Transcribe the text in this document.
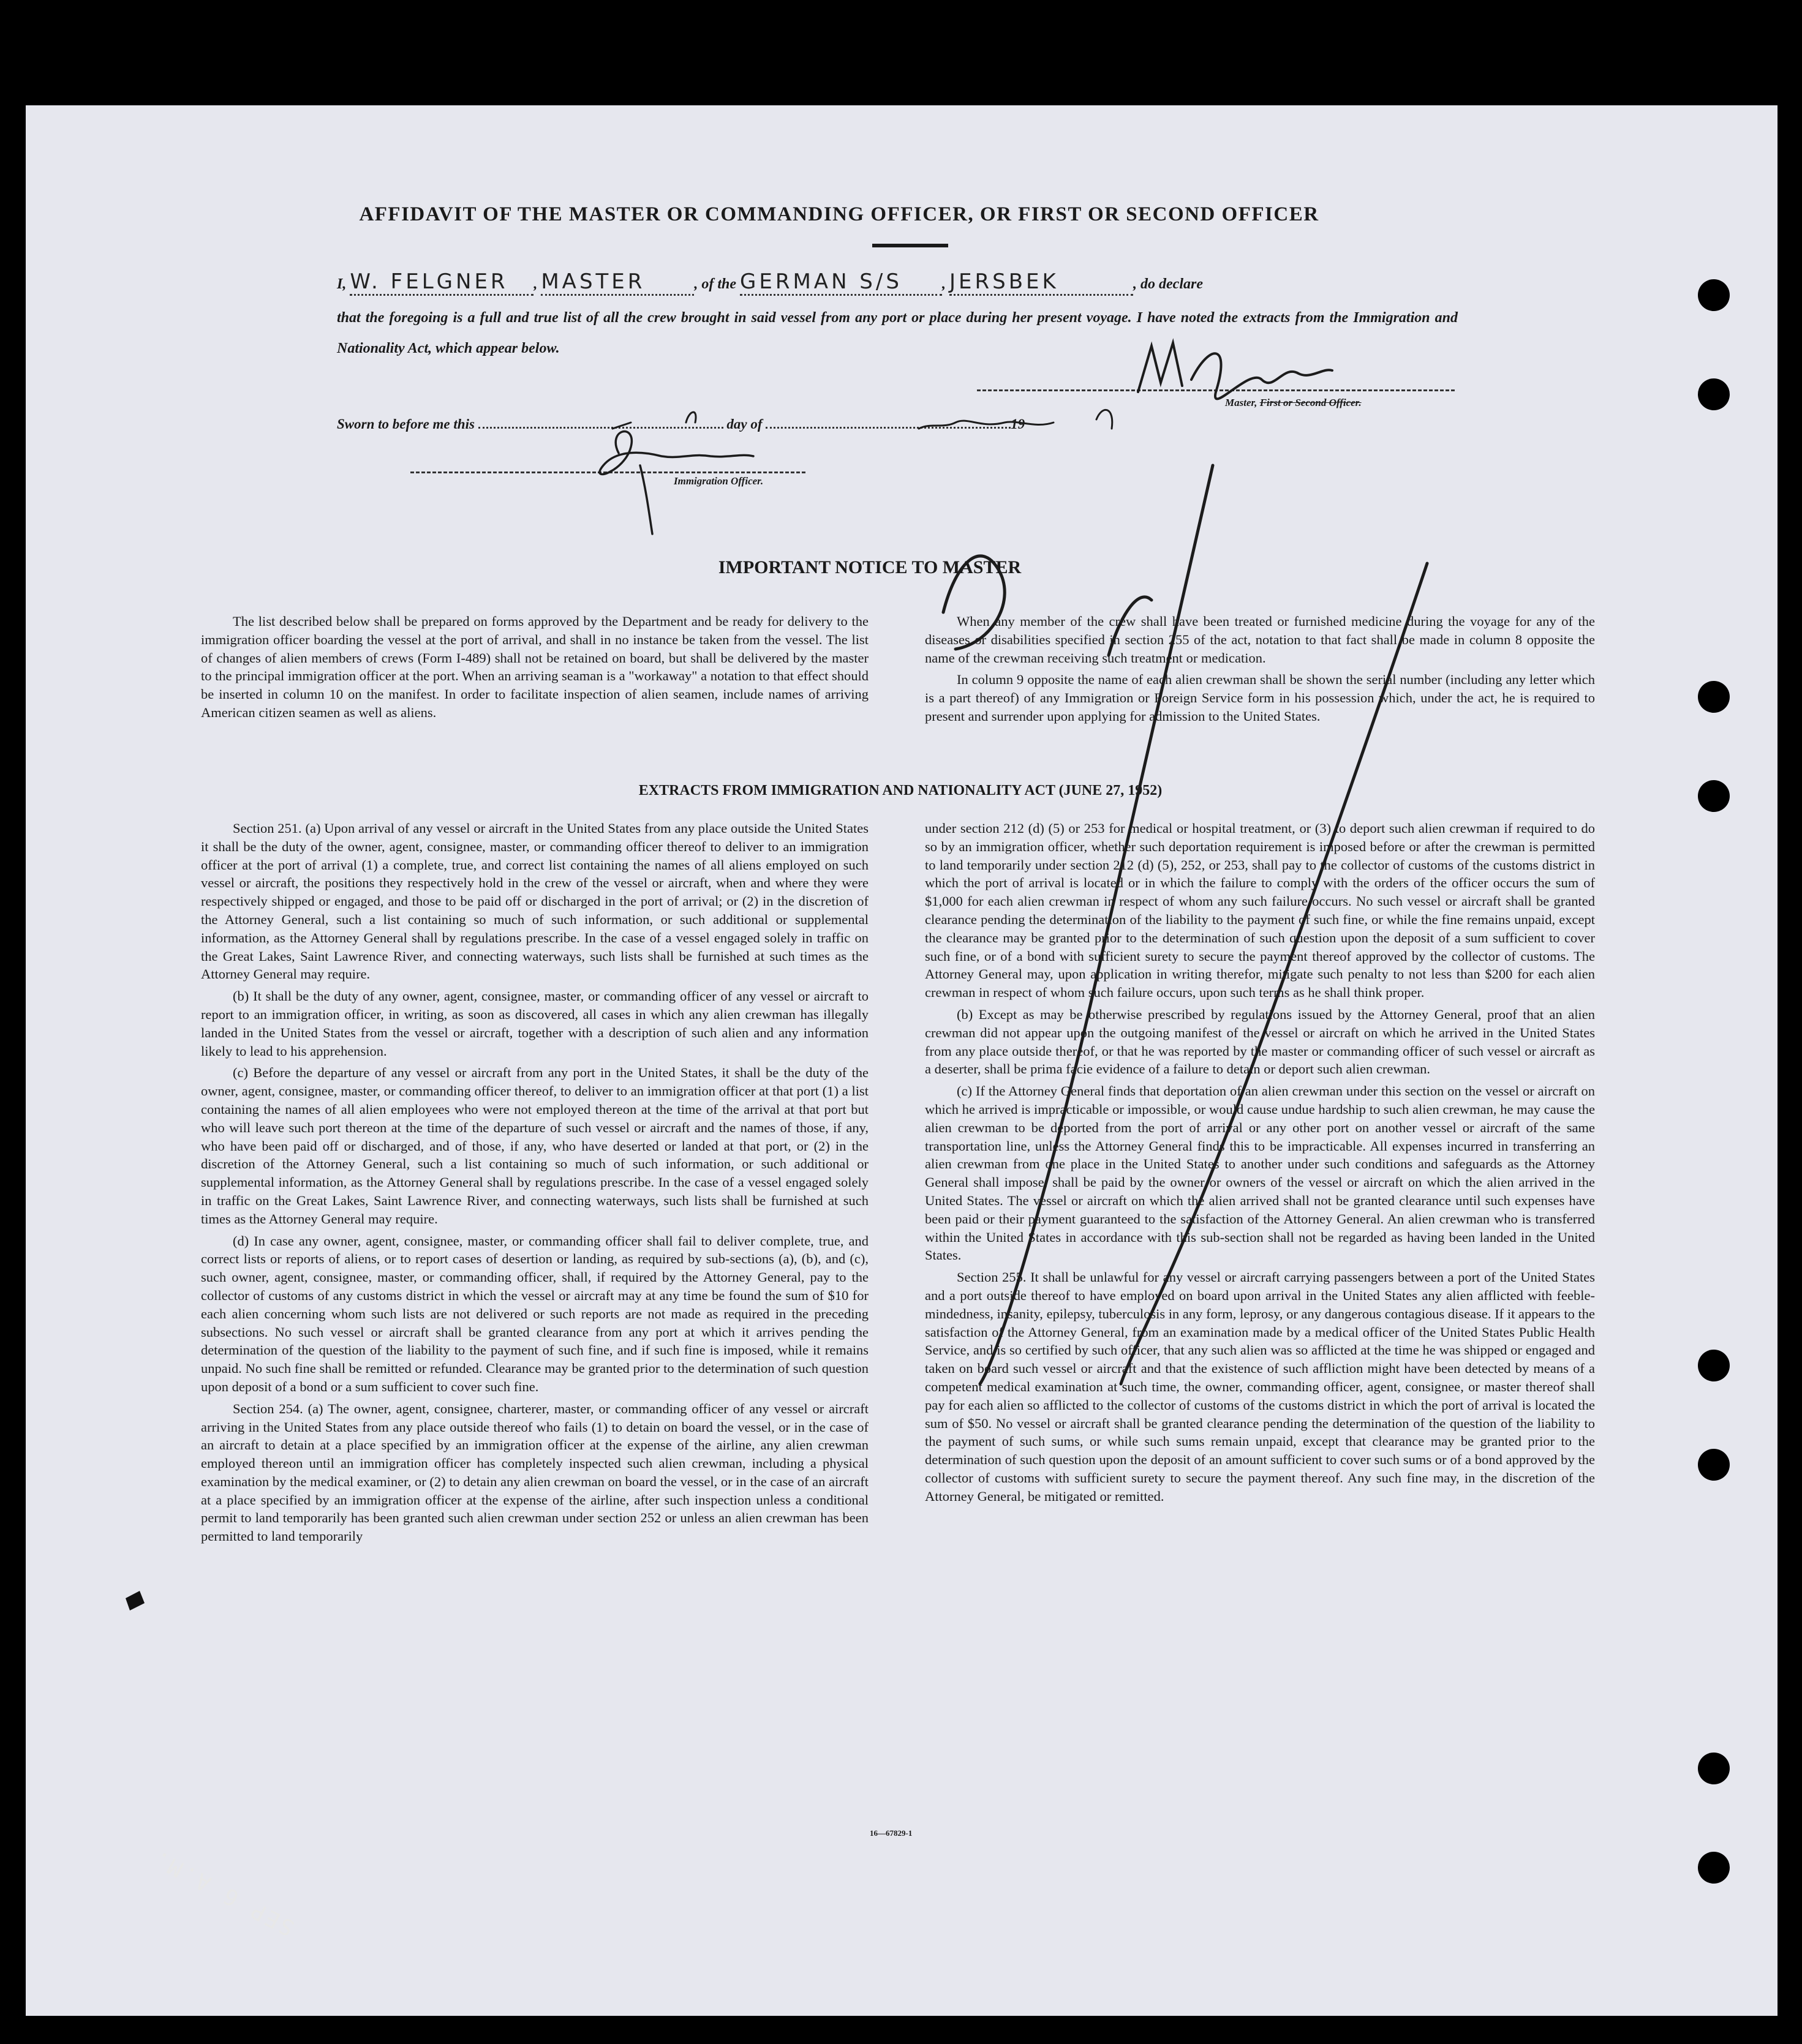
AFFIDAVIT OF THE MASTER OR COMMANDING OFFICER, OR FIRST OR SECOND OFFICER
I, W. FELGNER , MASTER	, of the GERMAN S/S	, JERSBEK	, do declare
that the foregoing is a full and true list of all the crew brought in said vessel from any port or place during her present voyage. I have noted the extracts from the Immigration and Nationality Act, which appear below.
Sworn to before me this	day of	19
Master, First or Second Officer.
Immigration Officer.
IMPORTANT NOTICE TO MASTER

The list described below shall be prepared on forms approved by the Department and be ready for delivery to the immigration officer boarding the vessel at the port of arrival, and shall in no instance be taken from the vessel. The list of changes of alien members of crews (Form I-489) shall not be retained on board, but shall be delivered by the master to the principal immigration officer at the port. When an arriving seaman is a "workaway" a notation to that effect should be inserted in column 10 on the manifest. In order to facilitate inspection of alien seamen, include names of arriving American citizen seamen as well as aliens.

When any member of the crew shall have been treated or furnished medicine during the voyage for any of the diseases or disabilities specified in section 255 of the act, notation to that fact shall be made in column 8 opposite the name of the crewman receiving such treatment or medication.

In column 9 opposite the name of each alien crewman shall be shown the serial number (including any letter which is a part thereof) of any Immigration or Foreign Service form in his possession which, under the act, he is required to present and surrender upon applying for admission to the United States.

EXTRACTS FROM IMMIGRATION AND NATIONALITY ACT (JUNE 27, 1952)

Section 251. (a) Upon arrival of any vessel or aircraft in the United States from any place outside the United States it shall be the duty of the owner, agent, consignee, master, or commanding officer thereof to deliver to an immigration officer at the port of arrival (1) a complete, true, and correct list containing the names of all aliens employed on such vessel or aircraft, the positions they respectively hold in the crew of the vessel or aircraft, when and where they were respectively shipped or engaged, and those to be paid off or discharged in the port of arrival; or (2) in the discretion of the Attorney General, such a list containing so much of such information, or such additional or supplemental information, as the Attorney General shall by regulations prescribe. In the case of a vessel engaged solely in traffic on the Great Lakes, Saint Lawrence River, and connecting waterways, such lists shall be furnished at such times as the Attorney General may require.

(b) It shall be the duty of any owner, agent, consignee, master, or commanding officer of any vessel or aircraft to report to an immigration officer, in writing, as soon as discovered, all cases in which any alien crewman has illegally landed in the United States from the vessel or aircraft, together with a description of such alien and any information likely to lead to his apprehension.

(c) Before the departure of any vessel or aircraft from any port in the United States, it shall be the duty of the owner, agent, consignee, master, or commanding officer thereof, to deliver to an immigration officer at that port (1) a list containing the names of all alien employees who were not employed thereon at the time of the arrival at that port but who will leave such port thereon at the time of the departure of such vessel or aircraft and the names of those, if any, who have been paid off or discharged, and of those, if any, who have deserted or landed at that port, or (2) in the discretion of the Attorney General, such a list containing so much of such information, or such additional or supplemental information, as the Attorney General shall by regulations prescribe. In the case of a vessel engaged solely in traffic on the Great Lakes, Saint Lawrence River, and connecting waterways, such lists shall be furnished at such times as the Attorney General may require.

(d) In case any owner, agent, consignee, master, or commanding officer shall fail to deliver complete, true, and correct lists or reports of aliens, or to report cases of desertion or landing, as required by sub-sections (a), (b), and (c), such owner, agent, consignee, master, or commanding officer, shall, if required by the Attorney General, pay to the collector of customs of any customs district in which the vessel or aircraft may at any time be found the sum of $10 for each alien concerning whom such lists are not delivered or such reports are not made as required in the preceding subsections. No such vessel or aircraft shall be granted clearance from any port at which it arrives pending the determination of the question of the liability to the payment of such fine, and if such fine is imposed, while it remains unpaid. No such fine shall be remitted or refunded. Clearance may be granted prior to the determination of such question upon deposit of a bond or a sum sufficient to cover such fine.

Section 254. (a) The owner, agent, consignee, charterer, master, or commanding officer of any vessel or aircraft arriving in the United States from any place outside thereof who fails (1) to detain on board the vessel, or in the case of an aircraft to detain at a place specified by an immigration officer at the expense of the airline, any alien crewman employed thereon until an immigration officer has completely inspected such alien crewman, including a physical examination by the medical examiner, or (2) to detain any alien crewman on board the vessel, or in the case of an aircraft at a place specified by an immigration officer at the expense of the airline, after such inspection unless a conditional permit to land temporarily has been granted such alien crewman under section 252 or unless an alien crewman has been permitted to land temporarily

under section 212 (d) (5) or 253 for medical or hospital treatment, or (3) to deport such alien crewman if required to do so by an immigration officer, whether such deportation requirement is imposed before or after the crewman is permitted to land temporarily under section 212 (d) (5), 252, or 253, shall pay to the collector of customs of the customs district in which the port of arrival is located or in which the failure to comply with the orders of the officer occurs the sum of $1,000 for each alien crewman in respect of whom any such failure occurs. No such vessel or aircraft shall be granted clearance pending the determination of the liability to the payment of such fine, or while the fine remains unpaid, except the clearance may be granted prior to the determination of such question upon the deposit of a sum sufficient to cover such fine, or of a bond with sufficient surety to secure the payment thereof approved by the collector of customs. The Attorney General may, upon application in writing therefor, mitigate such penalty to not less than $200 for each alien crewman in respect of whom such failure occurs, upon such terms as he shall think proper.

(b) Except as may be otherwise prescribed by regulations issued by the Attorney General, proof that an alien crewman did not appear upon the outgoing manifest of the vessel or aircraft on which he arrived in the United States from any place outside thereof, or that he was reported by the master or commanding officer of such vessel or aircraft as a deserter, shall be prima facie evidence of a failure to detain or deport such alien crewman.

(c) If the Attorney General finds that deportation of an alien crewman under this section on the vessel or aircraft on which he arrived is impracticable or impossible, or would cause undue hardship to such alien crewman, he may cause the alien crewman to be deported from the port of arrival or any other port on another vessel or aircraft of the same transportation line, unless the Attorney General finds this to be impracticable. All expenses incurred in transferring an alien crewman from one place in the United States to another under such conditions and safeguards as the Attorney General shall impose, shall be paid by the owner or owners of the vessel or aircraft on which the alien arrived in the United States. The vessel or aircraft on which the alien arrived shall not be granted clearance until such expenses have been paid or their payment guaranteed to the satisfaction of the Attorney General. An alien crewman who is transferred within the United States in accordance with this sub-section shall not be regarded as having been landed in the United States.

Section 255. It shall be unlawful for any vessel or aircraft carrying passengers between a port of the United States and a port outside thereof to have employed on board upon arrival in the United States any alien afflicted with feeble-mindedness, insanity, epilepsy, tuberculosis in any form, leprosy, or any dangerous contagious disease. If it appears to the satisfaction of the Attorney General, from an examination made by a medical officer of the United States Public Health Service, and is so certified by such officer, that any such alien was so afflicted at the time he was shipped or engaged and taken on board such vessel or aircraft and that the existence of such affliction might have been detected by means of a competent medical examination at such time, the owner, commanding officer, agent, consignee, or master thereof shall pay for each alien so afflicted to the collector of customs of the customs district in which the port of arrival is located the sum of $50. No vessel or aircraft shall be granted clearance pending the determination of the question of the liability to the payment of such sums, or while such sums remain unpaid, except that clearance may be granted prior to the determination of such question upon the deposit of an amount sufficient to cover such sums or of a bond approved by the collector of customs with sufficient surety to secure the payment thereof. Any such fine may, in the discretion of the Attorney General, be mitigated or remitted.

16—67829-1
SEP 6 A.M.
